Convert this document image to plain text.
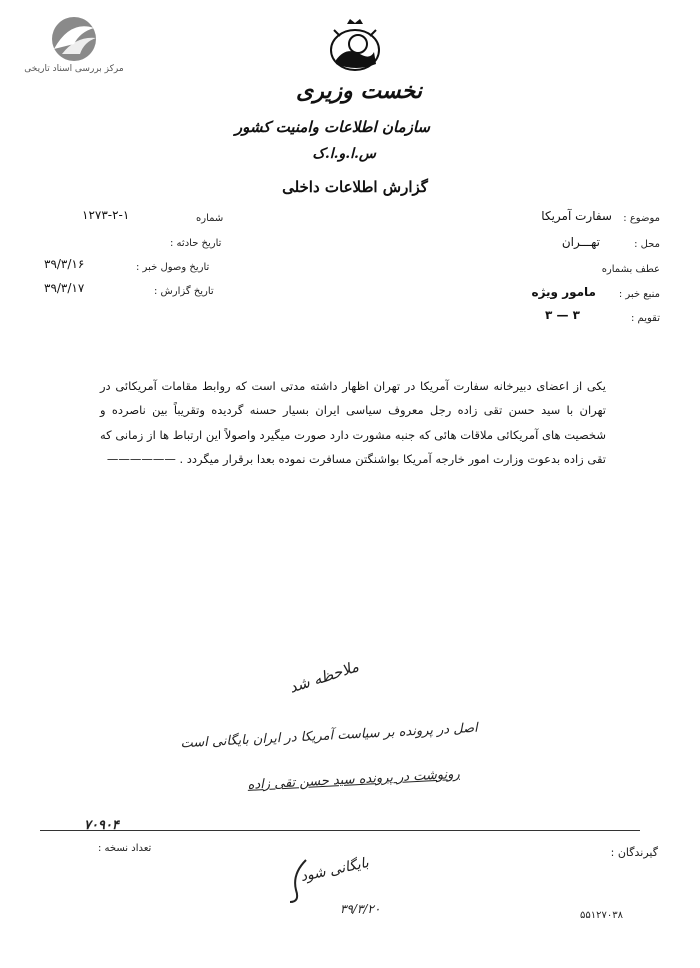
مرکز بررسی اسناد تاریخی
نخست وزیری
سازمان اطلاعات وامنیت کشور
س.ا.و.ا.ک
گزارش اطلاعات داخلی
موضوع :
سفارت آمریکا
محل :
تهـــران
عطف بشماره
منبع خبر :
مامور ویژه
تقویم :
۳ — ۳
شماره
۱۲۷۳-۲-۱
تاریخ حادثه :
تاریخ وصول خبر :
۳۹/۳/۱۶
تاریخ گزارش :
۳۹/۳/۱۷
یکی از اعضای دبیرخانه سفارت آمریکا در تهران اظهار داشته مدتی است که روابط مقامات آمریکائی در تهران با سید حسن تقی زاده رجل معروف سیاسی ایران بسیار حسنه گردیده وتقریباً بین ناصرده و شخصیت های آمریکائی ملاقات هائی که جنبه مشورت دارد صورت میگیرد واصولاً این ارتباط ها از زمانی که تقی زاده بدعوت وزارت امور خارجه آمریکا بواشنگتن مسافرت نموده بعدا برقرار میگردد . ——————
ملاحظه شد
اصل در پرونده بر سیاست آمریکا در ایران بایگانی است
رونوشت در پرونده سید حسن تقی زاده
۷۰۹۰۴
تعداد نسخه :	گیرندگان :
بایگانی شود
۳۹/۳/۲۰	۵۵۱۲۷۰۳۸
